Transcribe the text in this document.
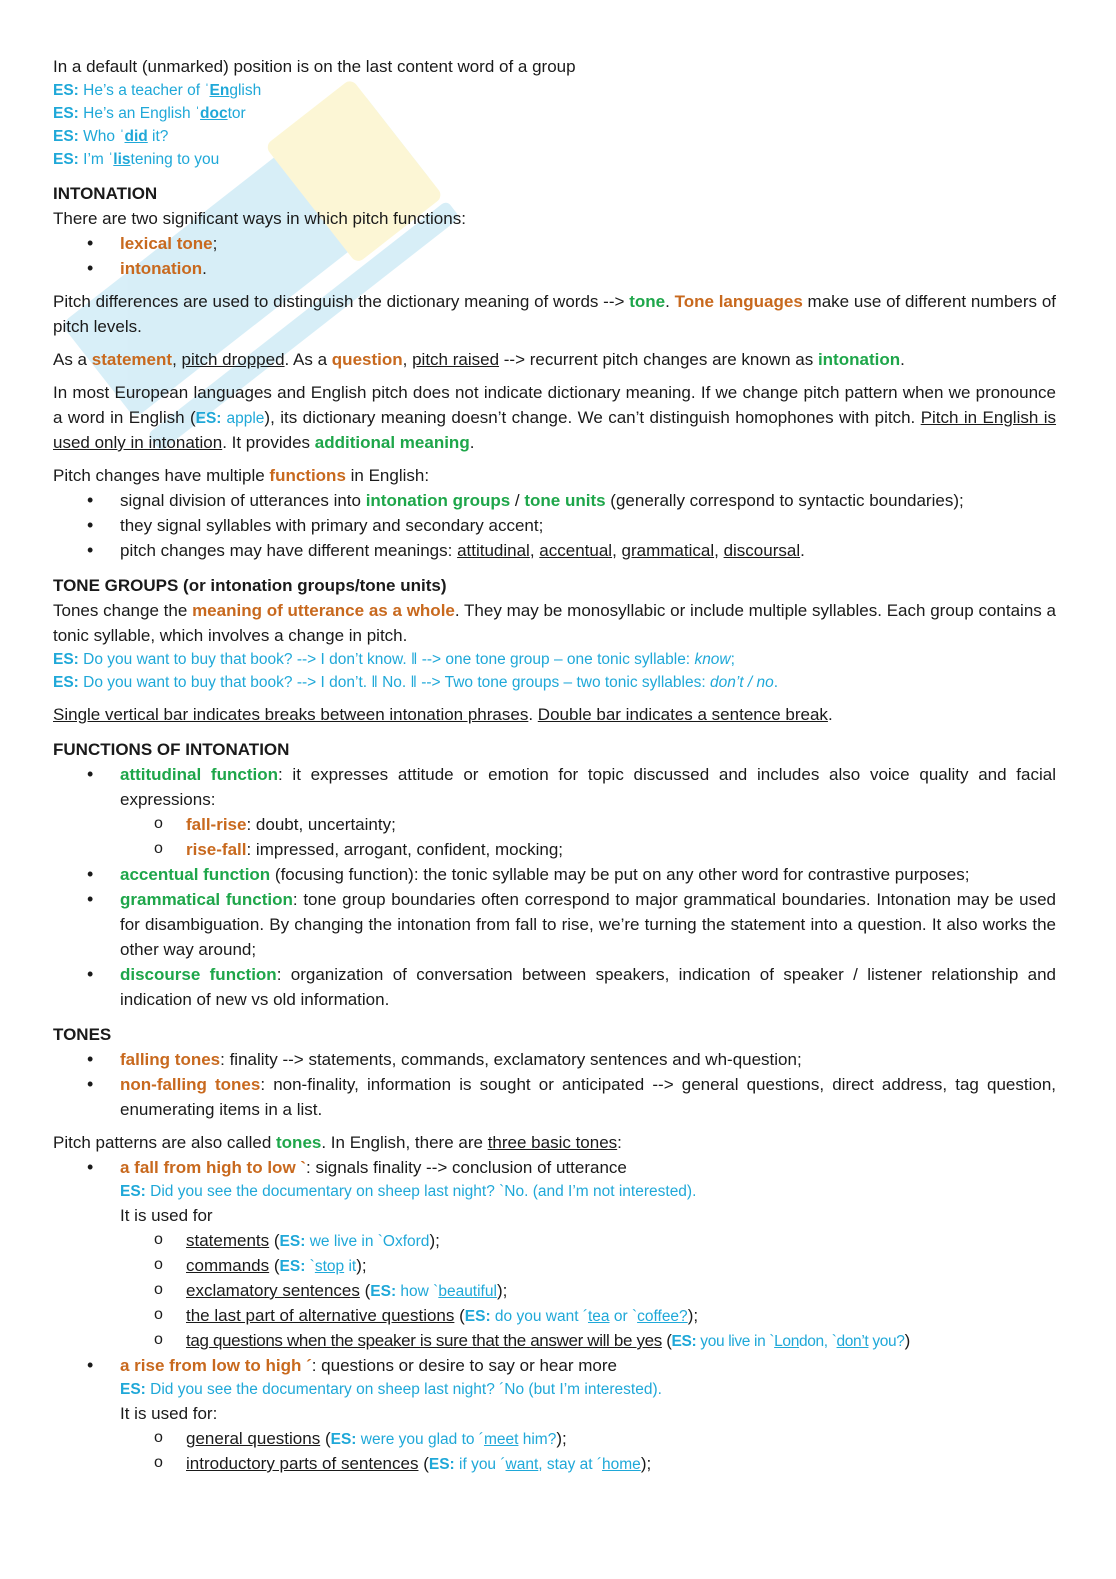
In a default (unmarked) position is on the last content word of a group

ES: He’s a teacher of ˈEnglish
ES: He’s an English ˈdoctor
ES: Who ˈdid it?
ES: I’m ˈlistening to you
INTONATION

There are two significant ways in which pitch functions:

• lexical tone;
• intonation.

Pitch differences are used to distinguish the dictionary meaning of words --> tone. Tone languages make use of different numbers of pitch levels.

As a statement, pitch dropped. As a question, pitch raised --> recurrent pitch changes are known as intonation.

In most European languages and English pitch does not indicate dictionary meaning. If we change pitch pattern when we pronounce a word in English (ES: apple), its dictionary meaning doesn’t change. We can’t distinguish homophones with pitch. Pitch in English is used only in intonation. It provides additional meaning.

Pitch changes have multiple functions in English:

• signal division of utterances into intonation groups / tone units (generally correspond to syntactic boundaries);
• they signal syllables with primary and secondary accent;
• pitch changes may have different meanings: attitudinal, accentual, grammatical, discoursal.
TONE GROUPS (or intonation groups/tone units)

Tones change the meaning of utterance as a whole. They may be monosyllabic or include multiple syllables. Each group contains a tonic syllable, which involves a change in pitch.

ES: Do you want to buy that book? --> I don’t know. ‖ --> one tone group – one tonic syllable: know;
ES: Do you want to buy that book? --> I don’t. ‖ No. ‖ --> Two tone groups – two tonic syllables: don’t / no.

Single vertical bar indicates breaks between intonation phrases. Double bar indicates a sentence break.

FUNCTIONS OF INTONATION
• attitudinal function: it expresses attitude or emotion for topic discussed and includes also voice quality and facial expressions:
o fall-rise: doubt, uncertainty;
o rise-fall: impressed, arrogant, confident, mocking;
• accentual function (focusing function): the tonic syllable may be put on any other word for contrastive purposes;
• grammatical function: tone group boundaries often correspond to major grammatical boundaries. Intonation may be used for disambiguation. By changing the intonation from fall to rise, we’re turning the statement into a question. It also works the other way around;
• discourse function: organization of conversation between speakers, indication of speaker / listener relationship and indication of new vs old information.
TONES
• falling tones: finality --> statements, commands, exclamatory sentences and wh-question;
• non-falling tones: non-finality, information is sought or anticipated --> general questions, direct address, tag question, enumerating items in a list.

Pitch patterns are also called tones. In English, there are three basic tones:

• a fall from high to low `: signals finality --> conclusion of utterance
ES: Did you see the documentary on sheep last night? `No. (and I’m not interested).
It is used for
o statements (ES: we live in `Oxford);
o commands (ES: `stop it);
o exclamatory sentences (ES: how `beautiful);
o the last part of alternative questions (ES: do you want ´tea or `coffee?);
o tag questions when the speaker is sure that the answer will be yes (ES: you live in `London, `don’t you?)
• a rise from low to high ´: questions or desire to say or hear more
ES: Did you see the documentary on sheep last night? ´No (but I’m interested).
It is used for:
o general questions (ES: were you glad to ´meet him?);
o introductory parts of sentences (ES: if you ´want, stay at ´home);
